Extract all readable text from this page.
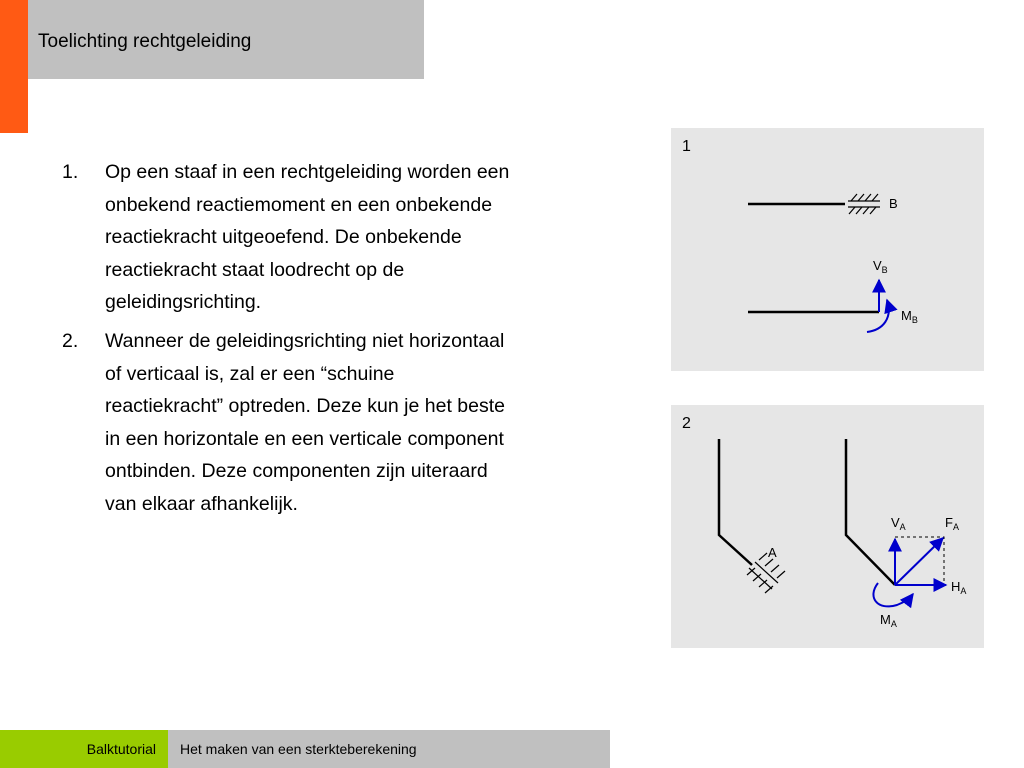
Toelichting rechtgeleiding
1.	Op een staaf in een rechtgeleiding worden een onbekend reactiemoment en een onbekende reactiekracht uitgeoefend. De onbekende reactiekracht staat loodrecht op de geleidingsrichting.
2.	Wanneer de geleidingsrichting niet horizontaal of verticaal is, zal er een “schuine reactiekracht” optreden. Deze kun je het beste in een horizontale en een verticale component ontbinden. Deze componenten zijn uiteraard van elkaar afhankelijk.
1
B
$V_B$
$M_B$
2
A
$V_A$	$F_A$
$H_A$
$M_A$
Balktutorial Het maken van een sterkteberekening
